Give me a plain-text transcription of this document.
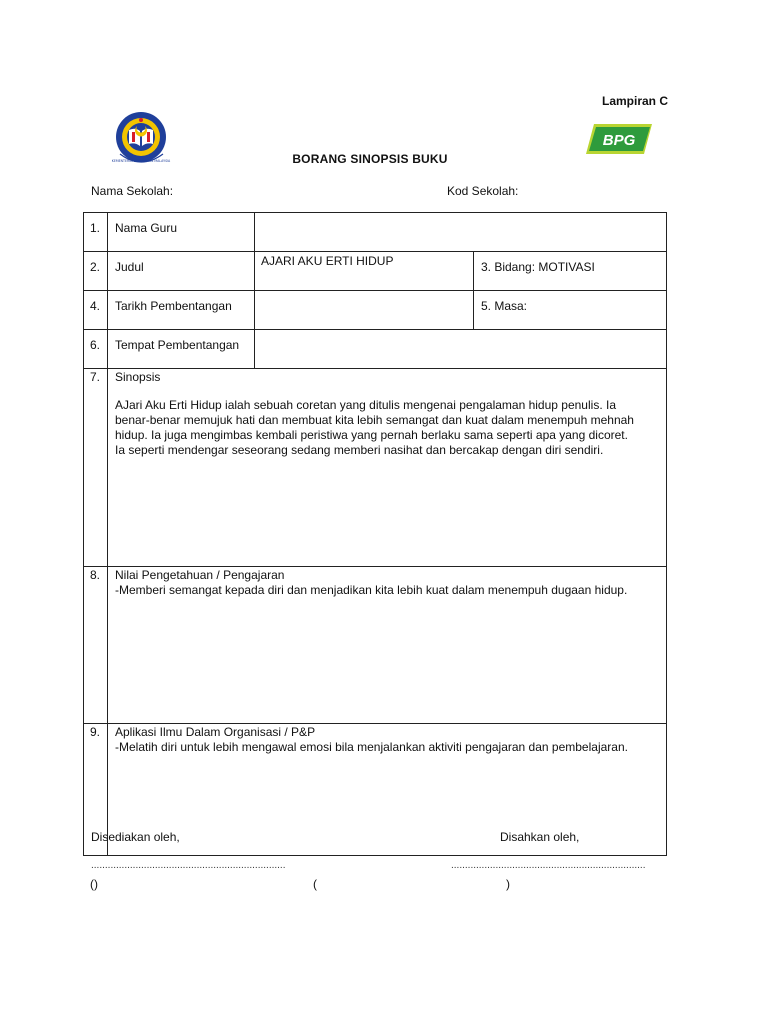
Lampiran C
KEMENTERIAN PELAJARAN MALAYSIA
BPG
BORANG SINOPSIS BUKU
Nama Sekolah:	Kod Sekolah:
1.	Nama Guru		
2.	Judul	AJARI AKU ERTI HIDUP	3. Bidang: MOTIVASI
4.	Tarikh Pembentangan		5. Masa:
6.	Tempat Pembentangan		
7.	Sinopsis
AJari Aku Erti Hidup ialah sebuah coretan yang ditulis mengenai pengalaman hidup penulis. Ia
benar-benar memujuk hati dan membuat kita lebih semangat dan kuat dalam menempuh mehnah
hidup. Ia juga mengimbas kembali peristiwa yang pernah berlaku sama seperti apa yang dicoret.
Ia seperti mendengar seseorang sedang memberi nasihat dan bercakap dengan diri sendiri.		

8.	Nilai Pengetahuan / Pengajaran
-Memberi semangat kepada diri dan menjadikan kita lebih kuat dalam menempuh dugaan hidup.		

9.	Aplikasi Ilmu Dalam Organisasi / P&P
-Melatih diri untuk lebih mengawal emosi bila menjalankan aktiviti pengajaran dan pembelajaran.		
Disediakan oleh,	Disahkan oleh,
......................................................................	......................................................................
()	(	)
